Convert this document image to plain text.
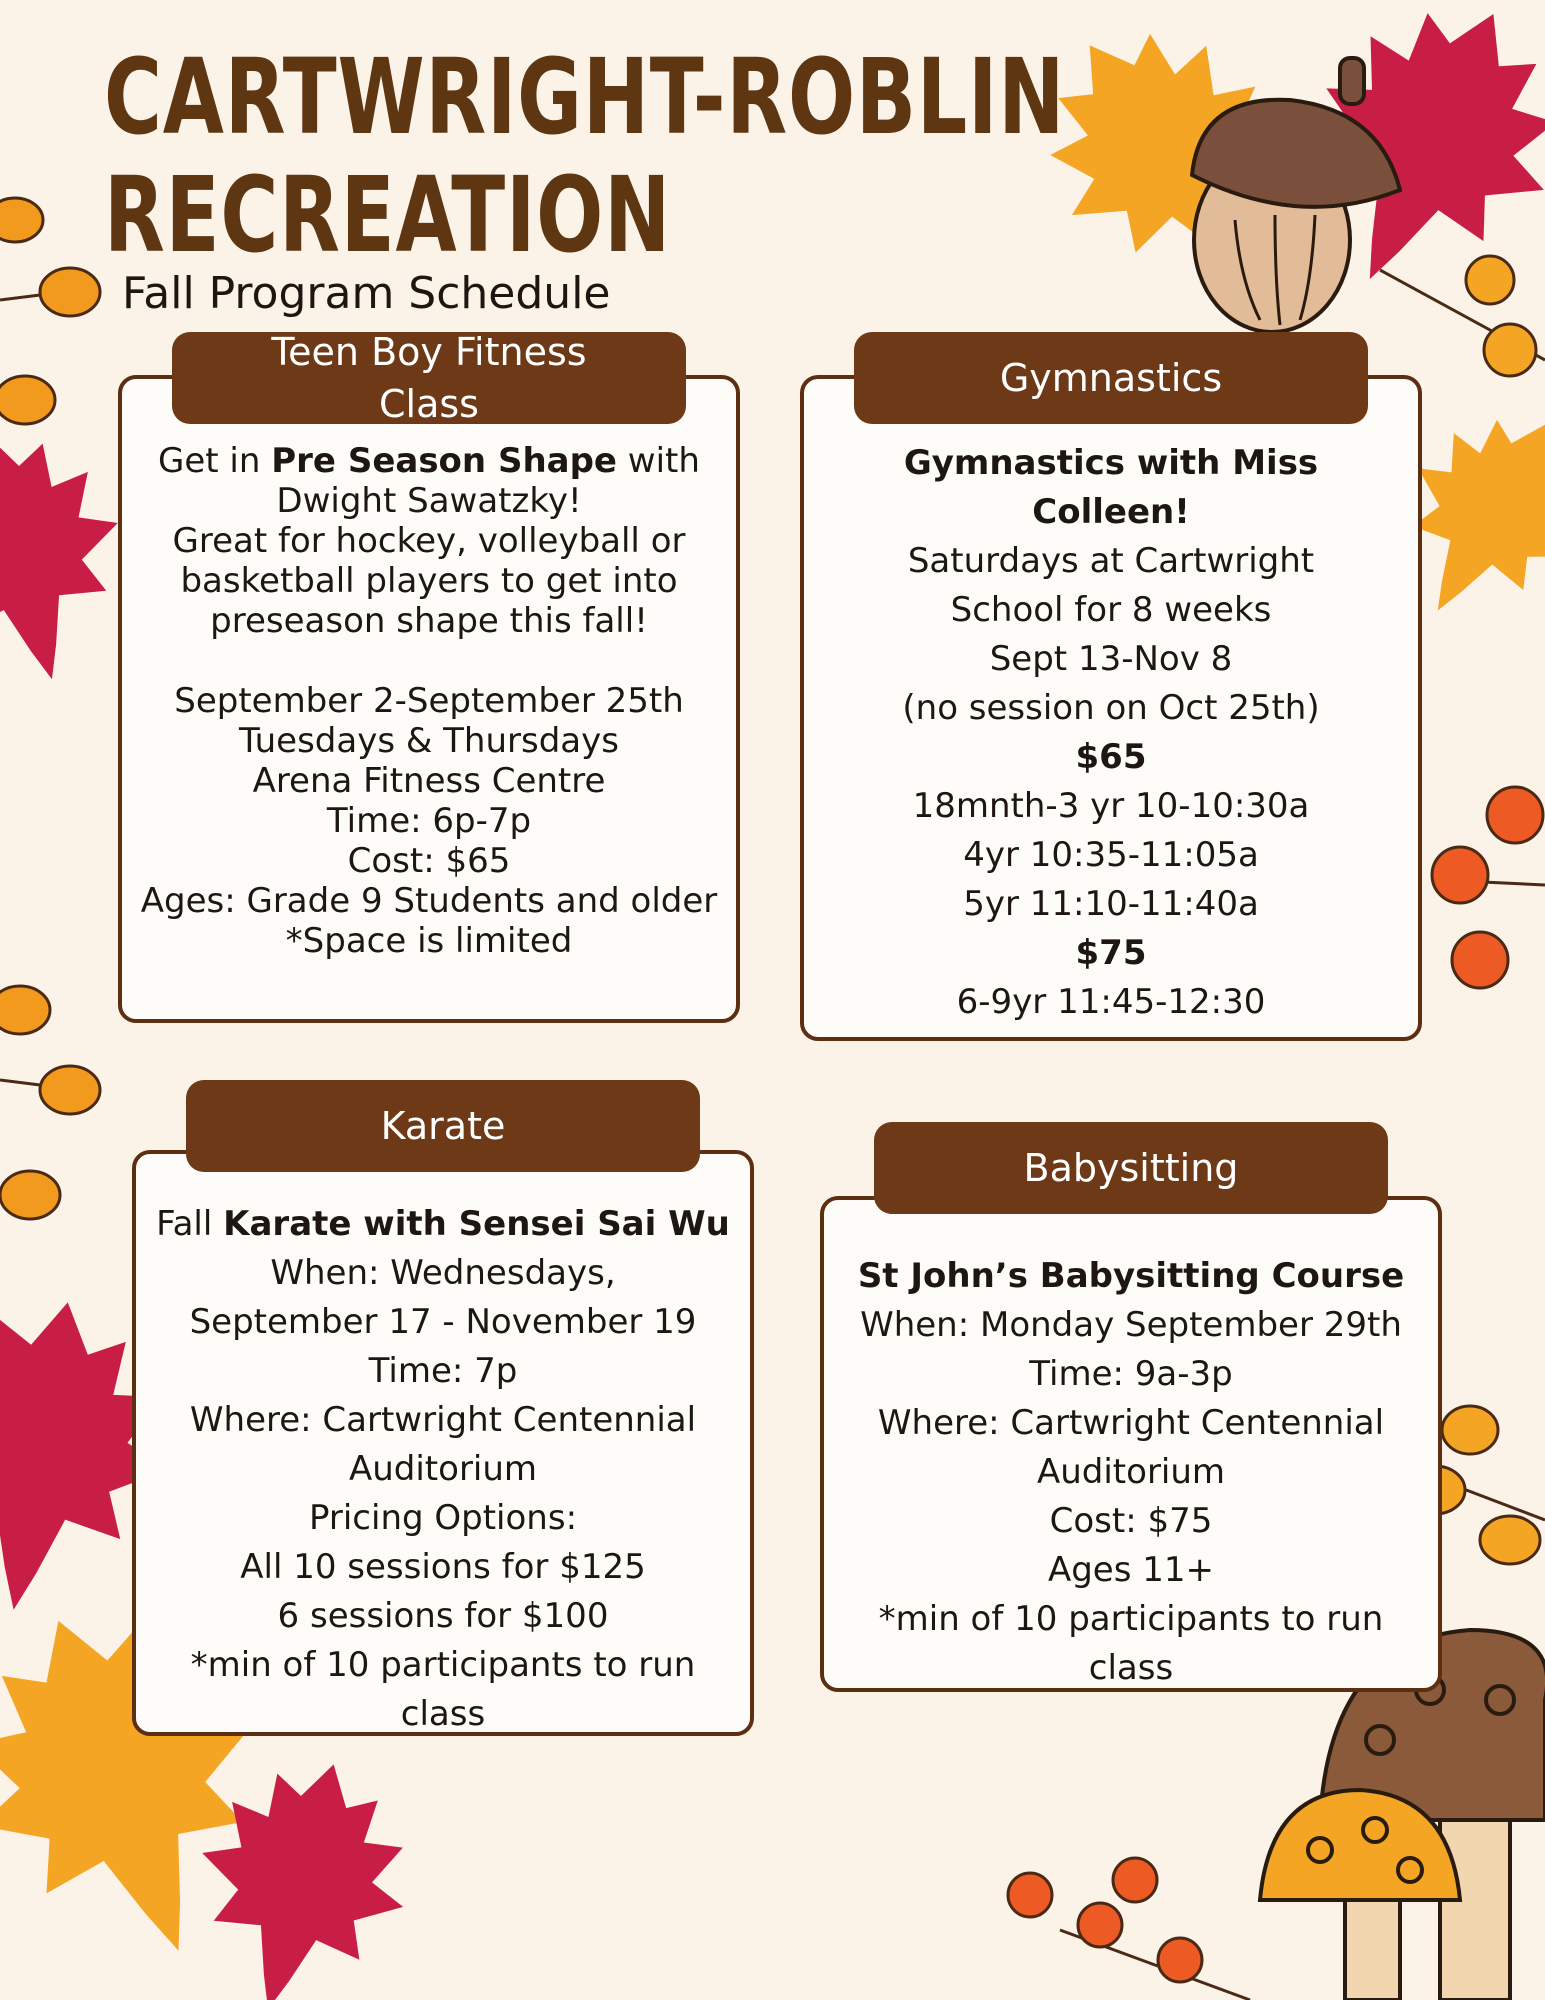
CARTWRIGHT-ROBLIN
RECREATION
Fall Program Schedule
Get in Pre Season Shape with
Dwight Sawatzky!
Great for hockey, volleyball or
basketball players to get into
preseason shape this fall!
September 2-September 25th
Tuesdays & Thursdays
Arena Fitness Centre
Time: 6p-7p
Cost: $65
Ages: Grade 9 Students and older
*Space is limited
Teen Boy Fitness Class
Gymnastics with Miss
Colleen!
Saturdays at Cartwright
School for 8 weeks
Sept 13-Nov 8
(no session on Oct 25th)
$65
18mnth-3 yr 10-10:30a
4yr 10:35-11:05a
5yr 11:10-11:40a
$75
6-9yr 11:45-12:30
Gymnastics
Fall Karate with Sensei Sai Wu
When: Wednesdays,
September 17 - November 19
Time: 7p
Where: Cartwright Centennial
Auditorium
Pricing Options:
All 10 sessions for $125
6 sessions for $100
*min of 10 participants to run
class
Karate
St John’s Babysitting Course
When: Monday September 29th
Time: 9a-3p
Where: Cartwright Centennial
Auditorium
Cost: $75
Ages 11+
*min of 10 participants to run
class
Babysitting
